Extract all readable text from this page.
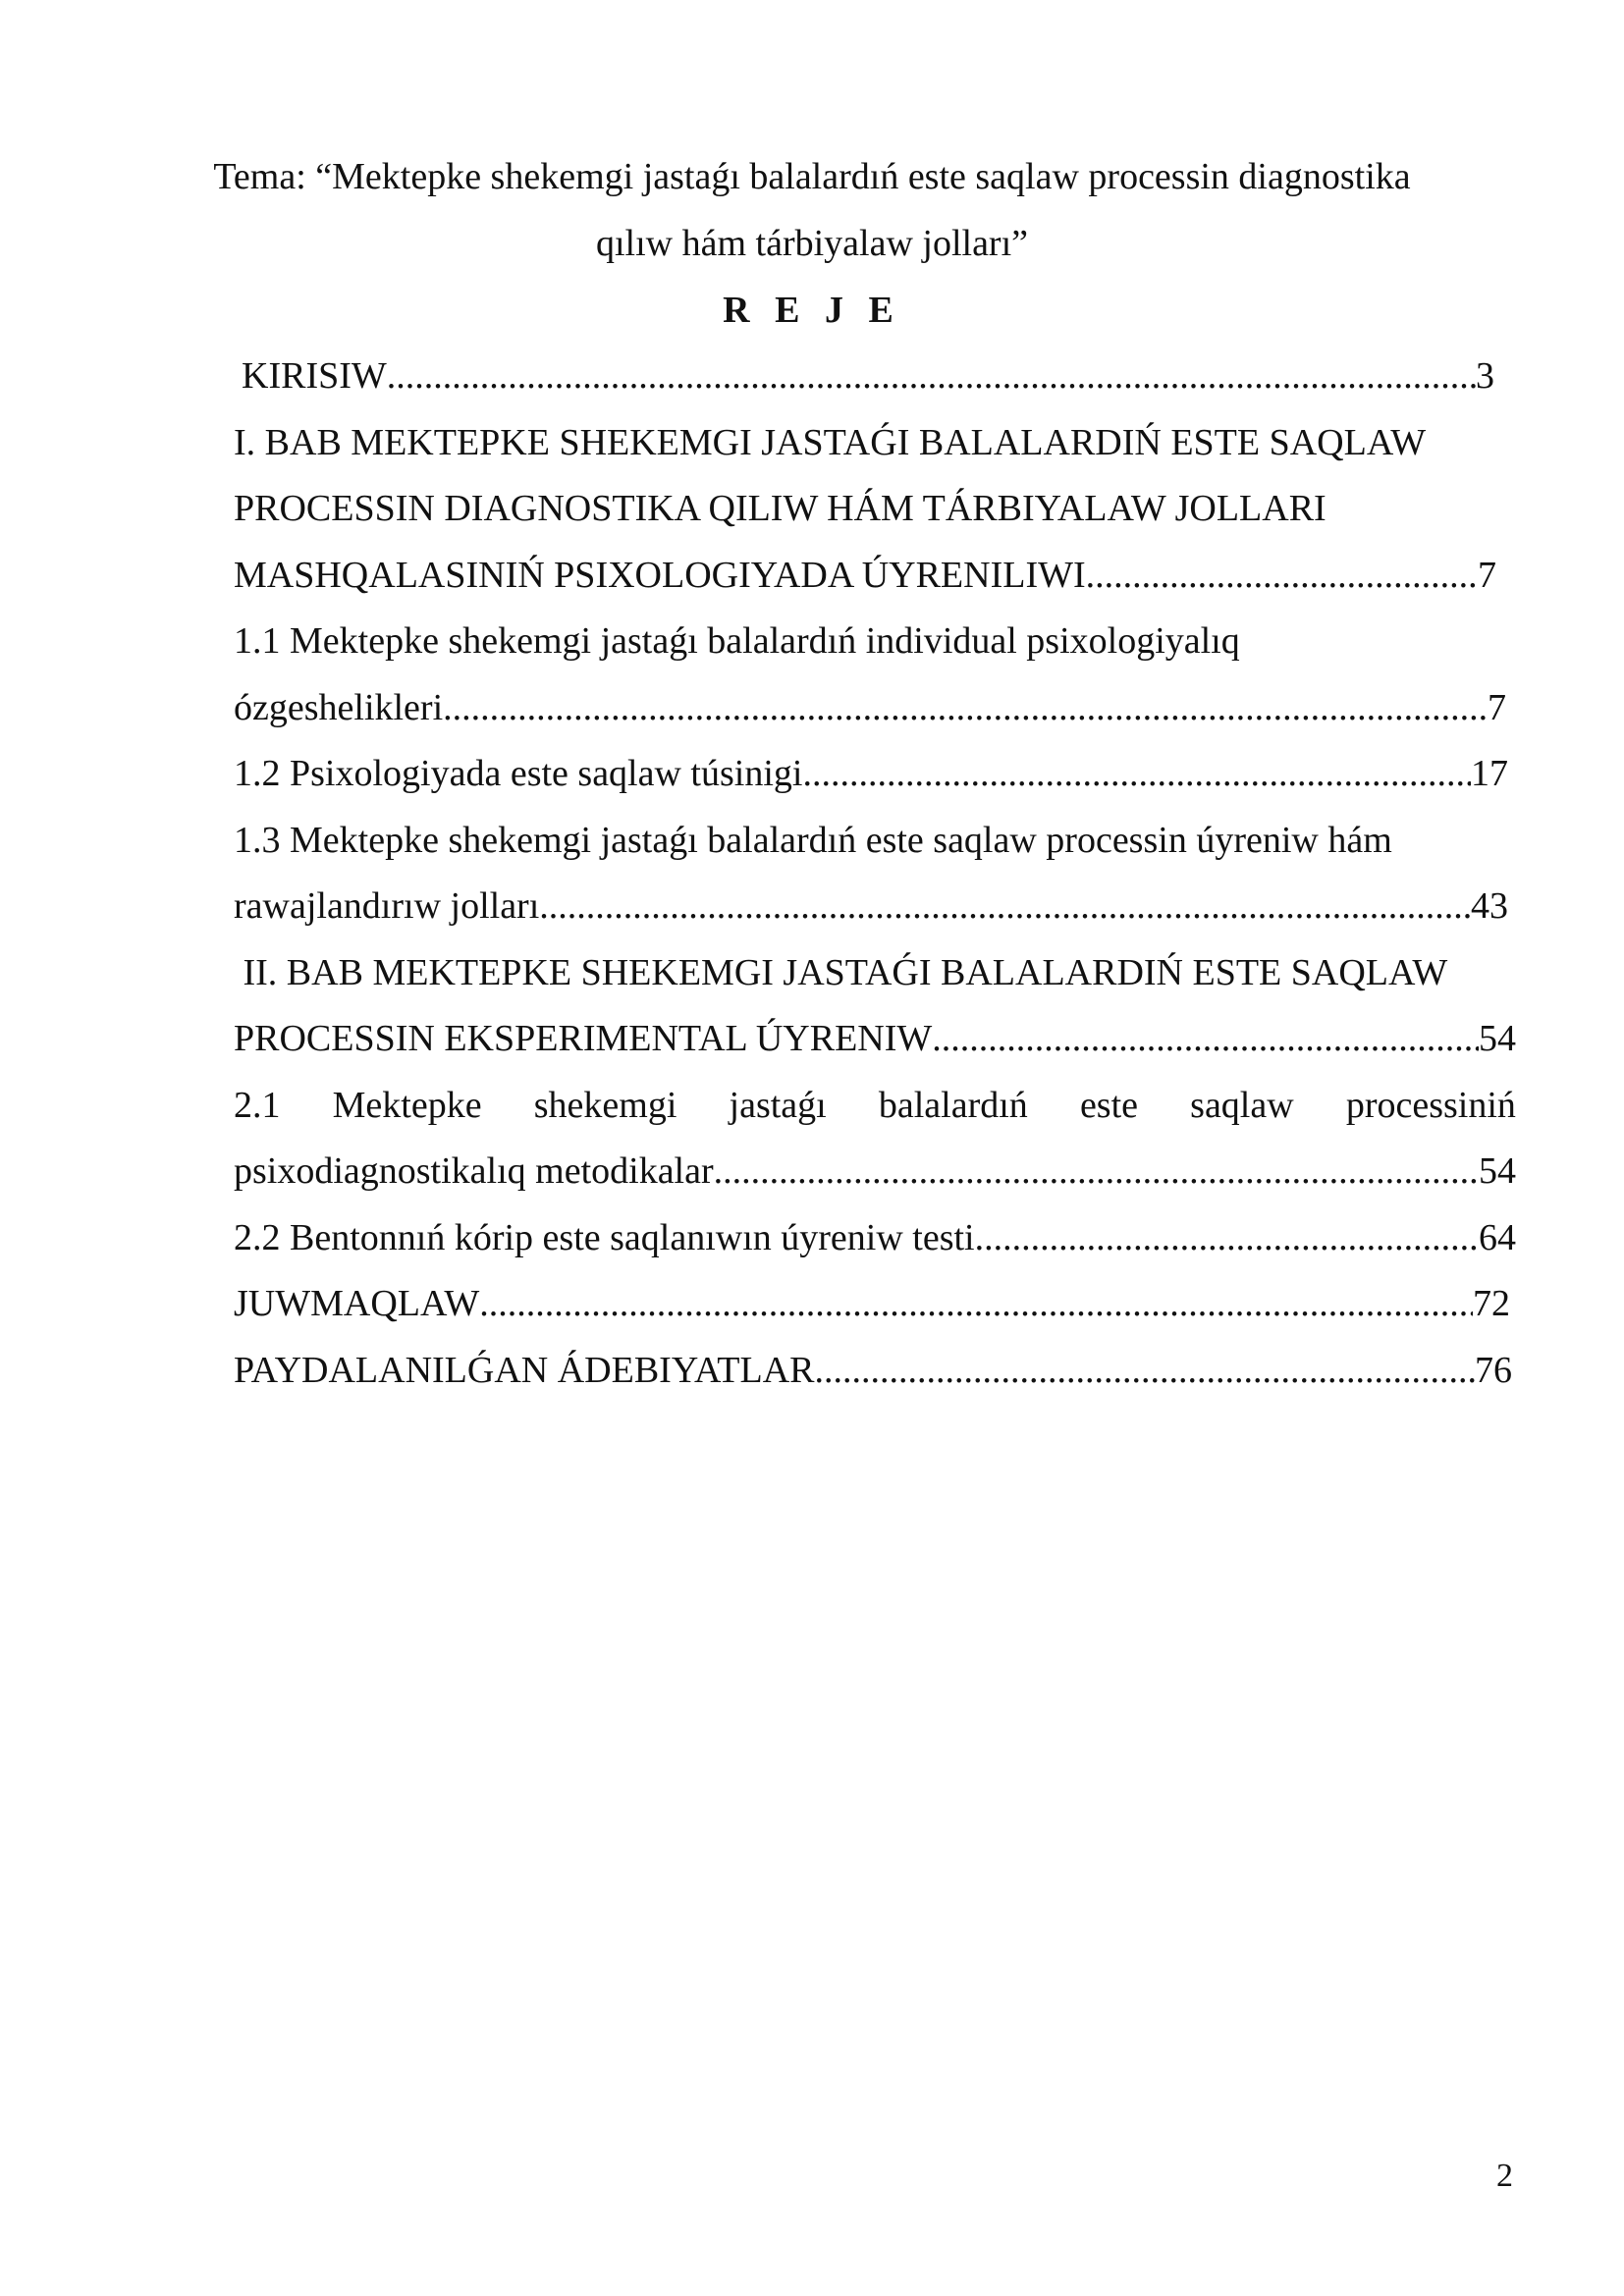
Tema: “Mektepke shekemgi jastaǵı balalardıń este saqlaw processin diagnostika
qılıw hám tárbiyalaw jolları”
R E J E
KIRISIW .....	3
I. BAB MEKTEPKE SHEKEMGI JASTAǴI BALALARDIŃ ESTE SAQLAW
PROCESSIN DIAGNOSTIKA QILIW HÁM TÁRBIYALAW JOLLARI
MASHQALASINIŃ PSIXOLOGIYADA ÚYRENILIWI .....	7
1.1 Mektepke shekemgi jastaǵı balalardıń individual psixologiyalıq
ózgeshelikleri .....	7
1.2 Psixologiyada este saqlaw túsinigi .....	17
1.3 Mektepke shekemgi jastaǵı balalardıń este saqlaw processin úyreniw hám
rawajlandırıw jolları .....	43
II. BAB MEKTEPKE SHEKEMGI JASTAǴI BALALARDIŃ ESTE SAQLAW
PROCESSIN EKSPERIMENTAL ÚYRENIW .....	54
2.1 Mektepke shekemgi jastaǵı balalardıń este saqlaw processiniń
psixodiagnostikalıq metodikalar .....	54
2.2 Bentonnıń kórip este saqlanıwın úyreniw testi .....	64
JUWMAQLAW .....	72
PAYDALANILǴAN ÁDEBIYATLAR .....	76
2
